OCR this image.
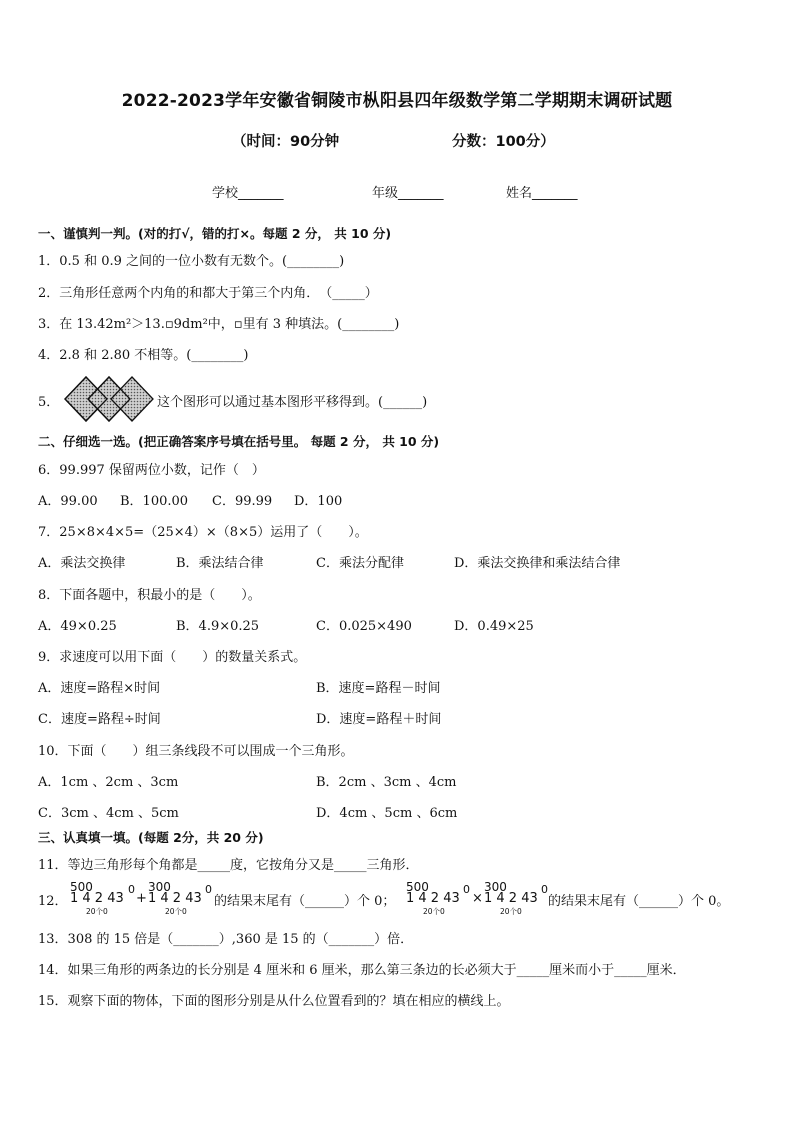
2022-2023学年安徽省铜陵市枞阳县四年级数学第二学期期末调研试题
（时间：90分钟	分数：100分）
学校_______	年级_______	姓名_______
一、谨慎判一判。(对的打√，错的打×。每题 2 分， 共 10 分)
1．0.5 和 0.9 之间的一位小数有无数个。(________)
2．三角形任意两个内角的和都大于第三个内角．　（_____）
3．在 13.42m²＞13.▫9dm²中，▫里有 3 种填法。(________)
4．2.8 和 2.80 不相等。(________)
5．	这个图形可以通过基本图形平移得到。(______)
二、仔细选一选。(把正确答案序号填在括号里。 每题 2 分， 共 10 分)
6．99.997 保留两位小数，记作（　）
A．99.00 B．100.00 C．99.99 D．100
7．25×8×4×5=（25×4）×（8×5）运用了（　　）。
A．乘法交换律	B．乘法结合律	C．乘法分配律	D．乘法交换律和乘法结合律
8．下面各题中，积最小的是（　　）。
A．49×0.25	B．4.9×0.25	C．0.025×490	D．0.49×25
9．求速度可以用下面（　　）的数量关系式。
A．速度=路程×时间	B．速度=路程－时间
C．速度=路程÷时间	D．速度=路程＋时间
10．下面（　　）组三条线段不可以围成一个三角形。
A．1cm 、2cm 、3cm	B．2cm 、3cm 、4cm
C．3cm 、4cm 、5cm	D．4cm 、5cm 、6cm
三、认真填一填。(每题 2分，共 20 分)
11．等边三角形每个角都是_____度，它按角分又是_____三角形．
12．
500
1 4 2 43
0
20个0
+
300
1 4 2 43
0
20个0
的结果末尾有（______）个 0；
500
1 4 2 43
0
20个0
×
300
1 4 2 43
0
20个0
的结果末尾有（______）个 0。
13．308 的 15 倍是（_______）,360 是 15 的（_______）倍．
14．如果三角形的两条边的长分别是 4 厘米和 6 厘米，那么第三条边的长必须大于_____厘米而小于_____厘米．
15．观察下面的物体，下面的图形分别是从什么位置看到的？填在相应的横线上。
